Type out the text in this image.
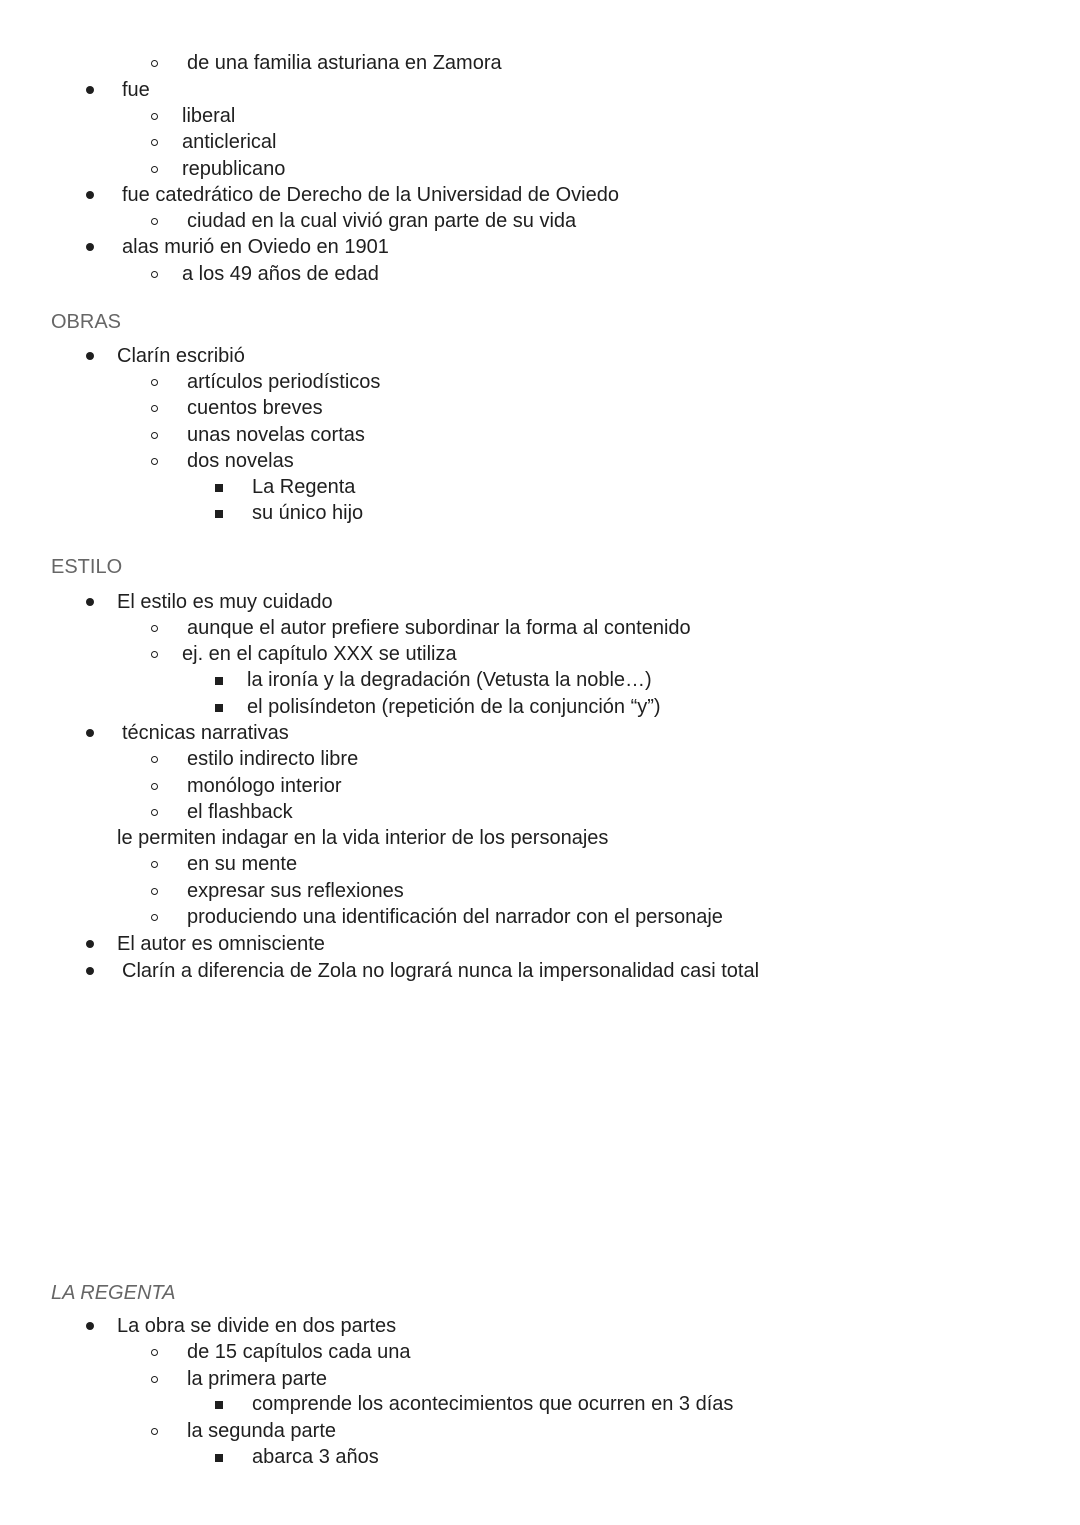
de una familia asturiana en Zamora
fue
liberal
anticlerical
republicano
fue catedrático de Derecho de la Universidad de Oviedo
ciudad en la cual vivió gran parte de su vida
alas murió en Oviedo en 1901
a los 49 años de edad
OBRAS
Clarín escribió
artículos periodísticos
cuentos breves
unas novelas cortas
dos novelas
La Regenta
su único hijo
ESTILO
El estilo es muy cuidado
aunque el autor prefiere subordinar la forma al contenido
ej. en el capítulo XXX se utiliza
la ironía y la degradación (Vetusta la noble…)
el polisíndeton (repetición de la conjunción “y”)
técnicas narrativas
estilo indirecto libre
monólogo interior
el flashback
le permiten indagar en la vida interior de los personajes
en su mente
expresar sus reflexiones
produciendo una identificación del narrador con el personaje
El autor es omnisciente
Clarín a diferencia de Zola no logrará nunca la impersonalidad casi total
LA REGENTA
La obra se divide en dos partes
de 15 capítulos cada una
la primera parte
comprende los acontecimientos que ocurren en 3 días
la segunda parte
abarca 3 años
